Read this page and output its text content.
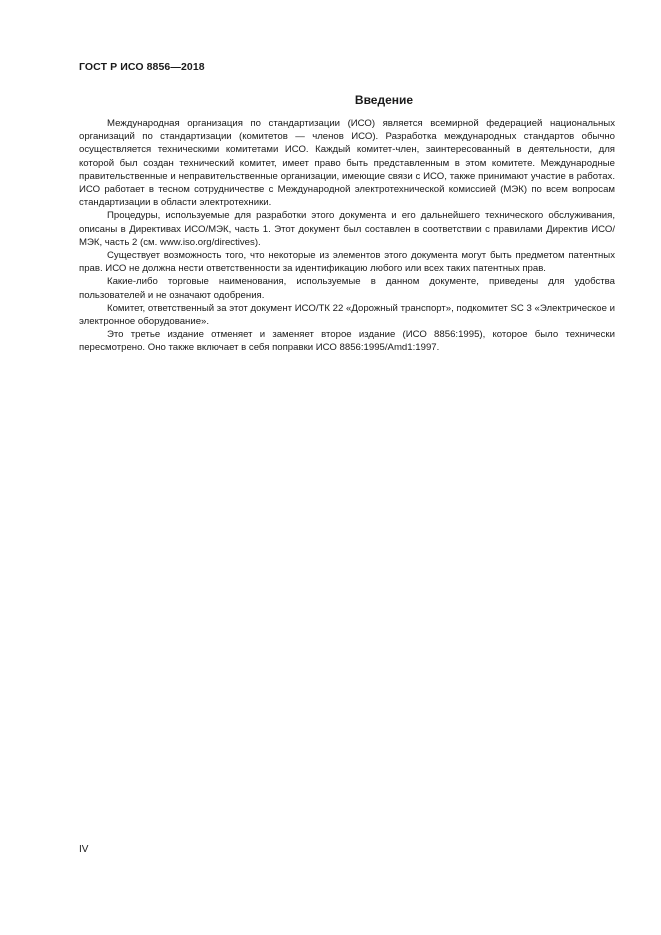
ГОСТ Р ИСО 8856—2018
Введение

Международная организация по стандартизации (ИСО) является всемирной федерацией национальных организаций по стандартизации (комитетов — членов ИСО). Разработка международных стандартов обычно осуществляется техническими комитетами ИСО. Каждый комитет-член, заинтересованный в деятельности, для которой был создан технический комитет, имеет право быть представленным в этом комитете. Международные правительственные и неправительственные организации, имеющие связи с ИСО, также принимают участие в работах. ИСО работает в тесном сотрудничестве с Международной электротехнической комиссией (МЭК) по всем вопросам стандартизации в области электротехники.

Процедуры, используемые для разработки этого документа и его дальнейшего технического обслуживания, описаны в Директивах ИСО/МЭК, часть 1. Этот документ был составлен в соответствии с правилами Директив ИСО/МЭК, часть 2 (см. www.iso.org/directives).

Существует возможность того, что некоторые из элементов этого документа могут быть предметом патентных прав. ИСО не должна нести ответственности за идентификацию любого или всех таких патентных прав.

Какие-либо торговые наименования, используемые в данном документе, приведены для удобства пользователей и не означают одобрения.

Комитет, ответственный за этот документ ИСО/ТК 22 «Дорожный транспорт», подкомитет SC 3 «Электрическое и электронное оборудование».

Это третье издание отменяет и заменяет второе издание (ИСО 8856:1995), которое было технически пересмотрено. Оно также включает в себя поправки ИСО 8856:1995/Amd1:1997.

IV
